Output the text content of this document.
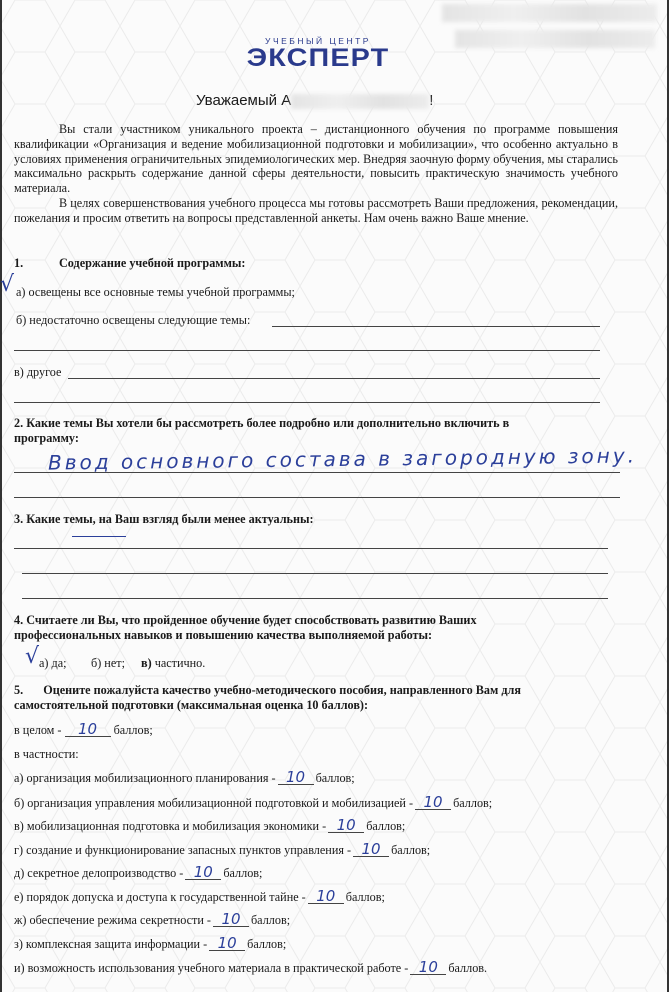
УЧЕБНЫЙ ЦЕНТР
ЭКСПЕРТ
Уважаемый А	!
Вы стали участником уникального проекта – дистанционного обучения по программе повышения квалификации «Организация и ведение мобилизационной подготовки и мобилизации», что особенно актуально в условиях применения ограничительных эпидемиологических мер. Внедряя заочную форму обучения, мы старались максимально раскрыть содержание данной сферы деятельности, повысить практическую значимость учебного материала.
В целях совершенствования учебного процесса мы готовы рассмотреть Ваши предложения, рекомендации, пожелания и просим ответить на вопросы представленной анкеты. Нам очень важно Ваше мнение.
1.	Содержание учебной программы:
√ а) освещены все основные темы учебной программы;
б) недостаточно освещены следующие темы:
в) другое
2. Какие темы Вы хотели бы рассмотреть более подробно или дополнительно включить в
программу:
Ввод основного состава в загородную зону.
3. Какие темы, на Ваш взгляд были менее актуальны:
4. Считаете ли Вы, что пройденное обучение будет способствовать развитию Ваших
профессиональных навыков и повышению качества выполняемой работы:
√ а) да; б) нет; в) частично.
5. Оцените пожалуйста качество учебно-методического пособия, направленного Вам для
самостоятельной подготовки (максимальная оценка 10 баллов):
в целом - 10 баллов;
в частности:
а) организация мобилизационного планирования - 10 баллов;
б) организация управления мобилизационной подготовкой и мобилизацией - 10 баллов;
в) мобилизационная подготовка и мобилизация экономики - 10 баллов;
г) создание и функционирование запасных пунктов управления - 10 баллов;
д) секретное делопроизводство - 10 баллов;
е) порядок допуска и доступа к государственной тайне - 10 баллов;
ж) обеспечение режима секретности - 10 баллов;
з) комплексная защита информации - 10 баллов;
и) возможность использования учебного материала в практической работе - 10 баллов.
